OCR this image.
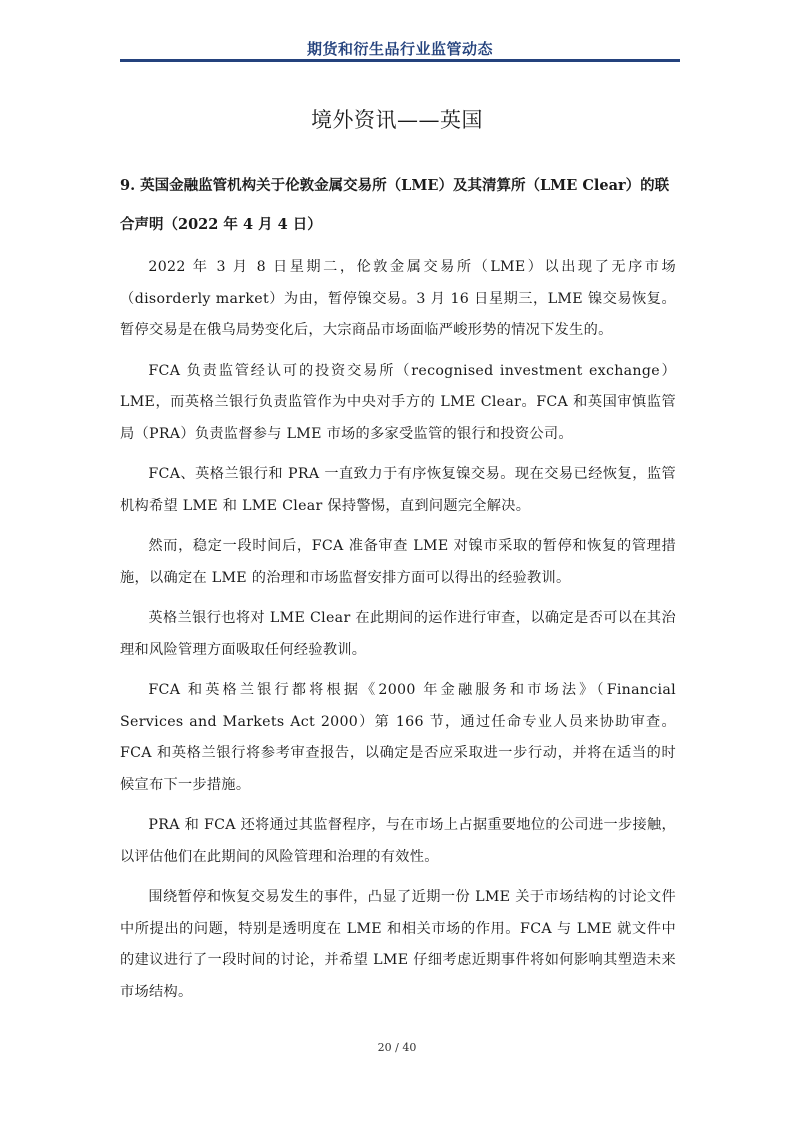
期货和衍生品行业监管动态
境外资讯——英国
9. 英国金融监管机构关于伦敦金属交易所（LME）及其清算所（LME Clear）的联合声明（2022 年 4 月 4 日）

2022 年 3 月 8 日星期二，伦敦金属交易所（LME）以出现了无序市场（disorderly market）为由，暂停镍交易。3 月 16 日星期三，LME 镍交易恢复。暂停交易是在俄乌局势变化后，大宗商品市场面临严峻形势的情况下发生的。

FCA 负责监管经认可的投资交易所（recognised investment exchange）LME，而英格兰银行负责监管作为中央对手方的 LME Clear。FCA 和英国审慎监管局（PRA）负责监督参与 LME 市场的多家受监管的银行和投资公司。

FCA、英格兰银行和 PRA 一直致力于有序恢复镍交易。现在交易已经恢复，监管机构希望 LME 和 LME Clear 保持警惕，直到问题完全解决。

然而，稳定一段时间后，FCA 准备审查 LME 对镍市采取的暂停和恢复的管理措施，以确定在 LME 的治理和市场监督安排方面可以得出的经验教训。

英格兰银行也将对 LME Clear 在此期间的运作进行审查，以确定是否可以在其治理和风险管理方面吸取任何经验教训。

FCA 和英格兰银行都将根据《2000 年金融服务和市场法》（Financial Services and Markets Act 2000）第 166 节，通过任命专业人员来协助审查。FCA 和英格兰银行将参考审查报告，以确定是否应采取进一步行动，并将在适当的时候宣布下一步措施。

PRA 和 FCA 还将通过其监督程序，与在市场上占据重要地位的公司进一步接触，以评估他们在此期间的风险管理和治理的有效性。

围绕暂停和恢复交易发生的事件，凸显了近期一份 LME 关于市场结构的讨论文件中所提出的问题，特别是透明度在 LME 和相关市场的作用。FCA 与 LME 就文件中的建议进行了一段时间的讨论，并希望 LME 仔细考虑近期事件将如何影响其塑造未来市场结构。

20 / 40
